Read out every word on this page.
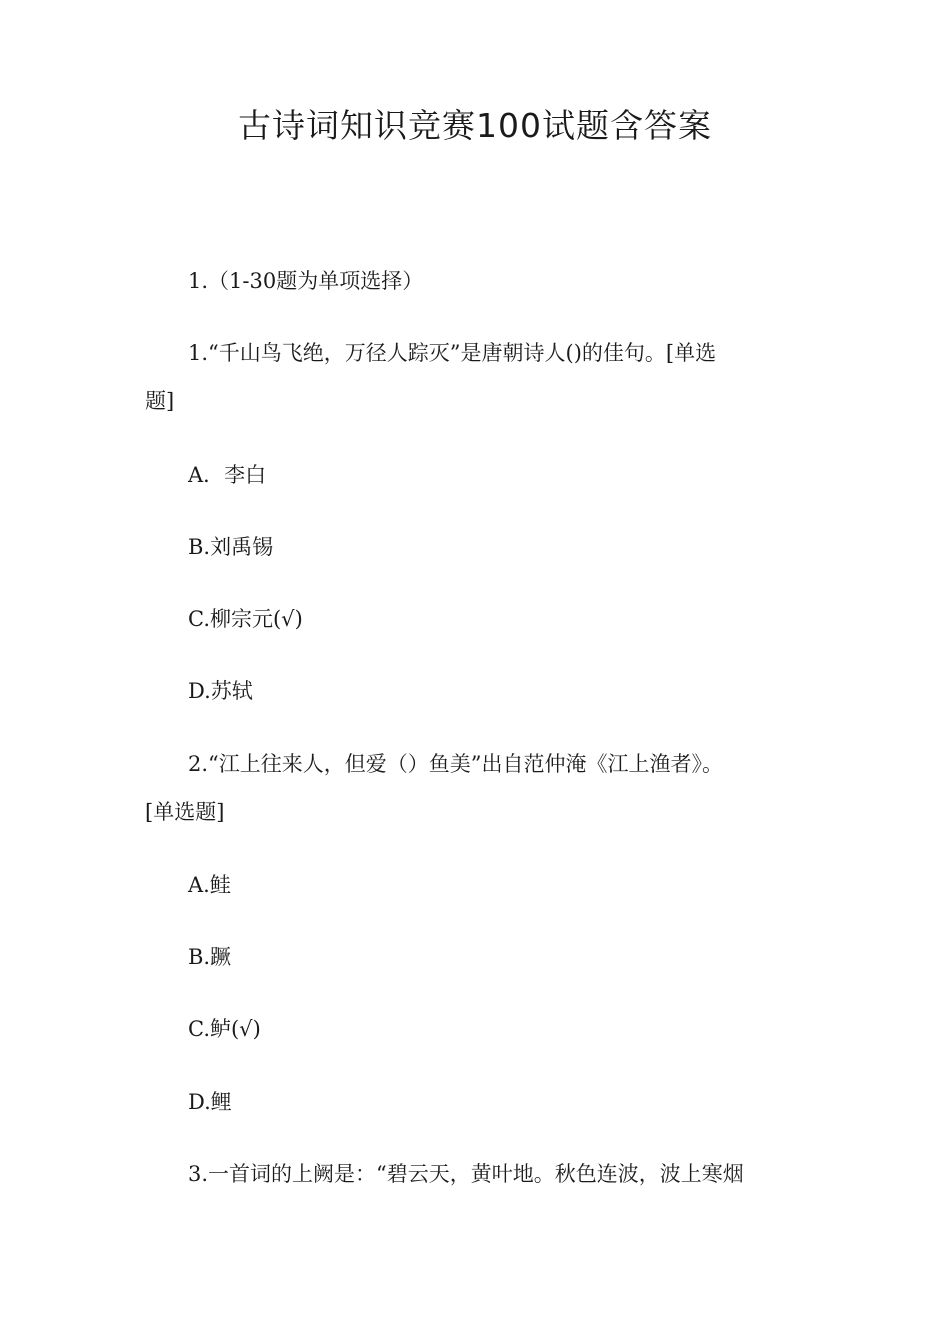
古诗词知识竞赛100试题含答案
1.（1-30题为单项选择）
1.“千山鸟飞绝，万径人踪灭”是唐朝诗人()的佳句。[单选
题]
A．李白
B.刘禹锡
C.柳宗元(√)
D.苏轼
2.“江上往来人，但爱（）鱼美”出自范仲淹《江上渔者》。
[单选题]
A.鲑
B.蹶
C.鲈(√)
D.鲤
3.一首词的上阙是：“碧云天，黄叶地。秋色连波，波上寒烟
